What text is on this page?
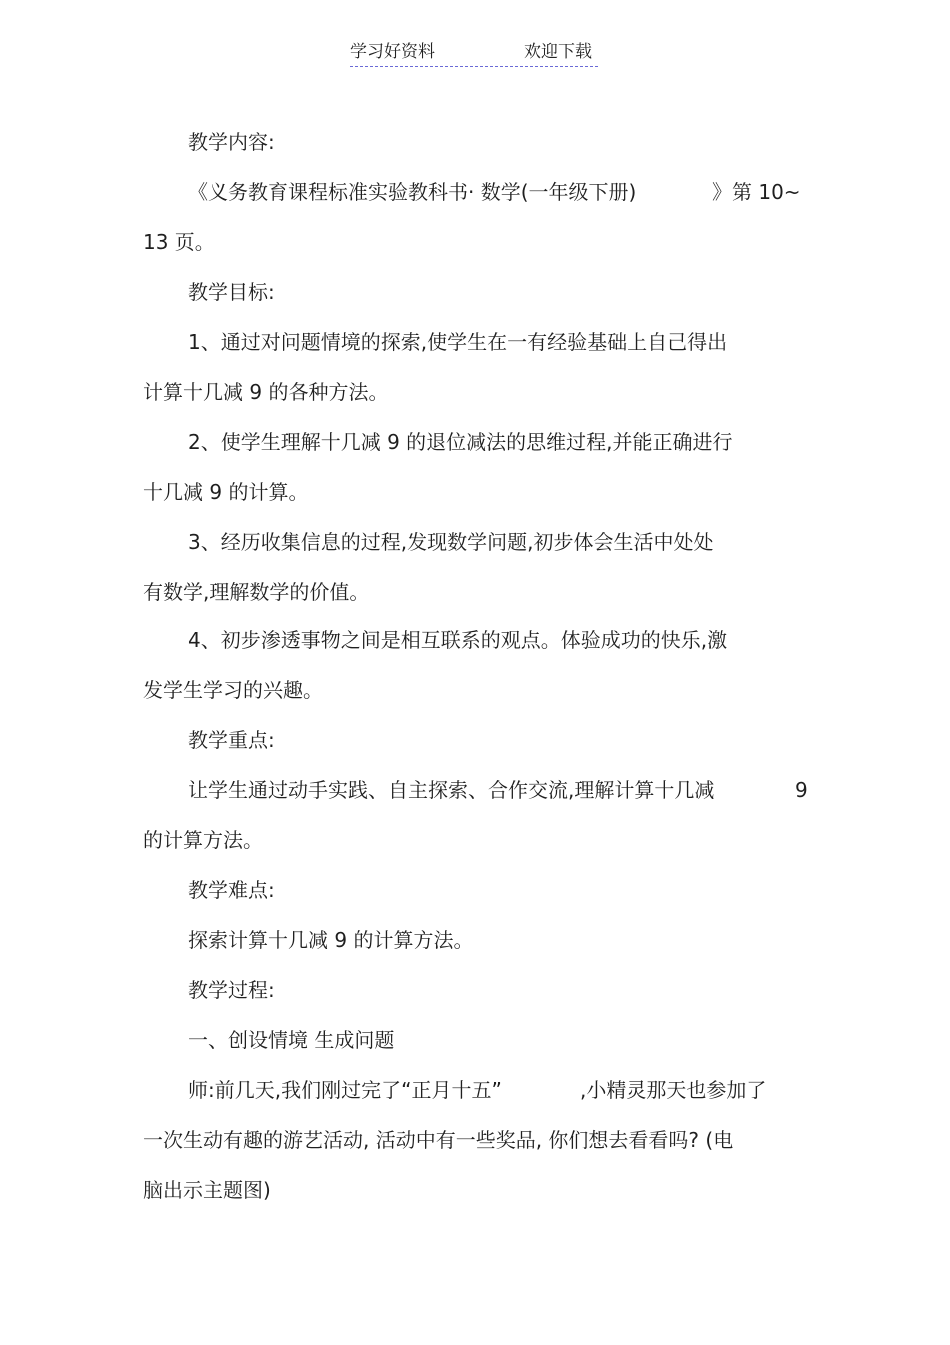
学习好资料	欢迎下载
教学内容:
《义务教育课程标准实验教科书· 数学(一年级下册)	》第 10~
13 页。
教学目标:
1、通过对问题情境的探索,使学生在一有经验基础上自己得出
计算十几减 9 的各种方法。
2、使学生理解十几减 9 的退位减法的思维过程,并能正确进行
十几减 9 的计算。
3、经历收集信息的过程,发现数学问题,初步体会生活中处处
有数学,理解数学的价值。
4、初步渗透事物之间是相互联系的观点。体验成功的快乐,激
发学生学习的兴趣。
教学重点:
让学生通过动手实践、自主探索、合作交流,理解计算十几减	9
的计算方法。
教学难点:
探索计算十几减 9 的计算方法。
教学过程:
一、创设情境 生成问题
师:前几天,我们刚过完了“正月十五”	,小精灵那天也参加了
一次生动有趣的游艺活动, 活动中有一些奖品, 你们想去看看吗? (电
脑出示主题图)
